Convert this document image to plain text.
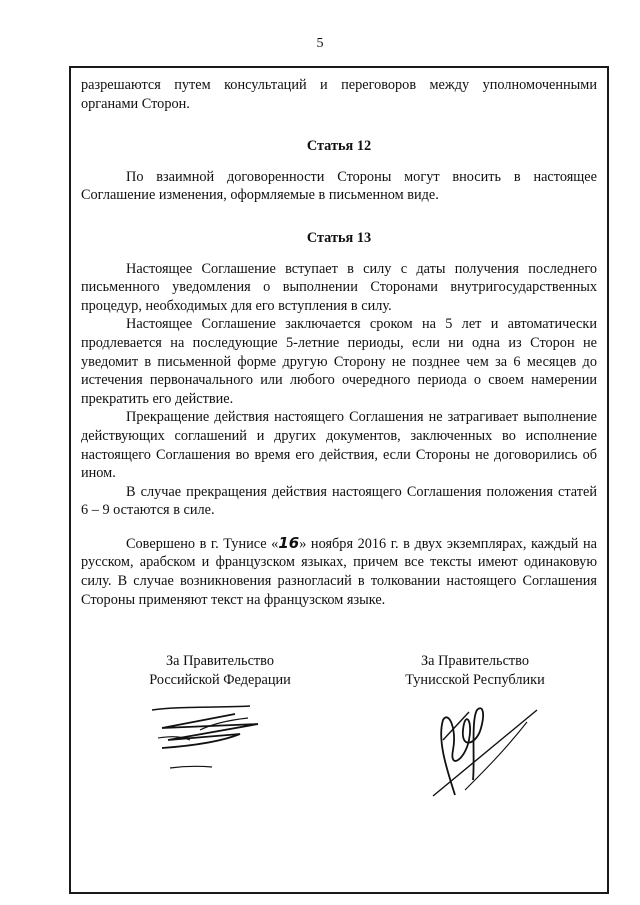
5

разрешаются путем консультаций и переговоров между уполномоченными органами Сторон.

Статья 12

По взаимной договоренности Стороны могут вносить в настоящее Соглашение изменения, оформляемые в письменном виде.

Статья 13

Настоящее Соглашение вступает в силу с даты получения последнего письменного уведомления о выполнении Сторонами внутригосударственных процедур, необходимых для его вступления в силу.

Настоящее Соглашение заключается сроком на 5 лет и автоматически продлевается на последующие 5-летние периоды, если ни одна из Сторон не уведомит в письменной форме другую Сторону не позднее чем за 6 месяцев до истечения первоначального или любого очередного периода о своем намерении прекратить его действие.

Прекращение действия настоящего Соглашения не затрагивает выполнение действующих соглашений и других документов, заключенных во исполнение настоящего Соглашения во время его действия, если Стороны не договорились об ином.

В случае прекращения действия настоящего Соглашения положения статей 6 – 9 остаются в силе.

Совершено в г. Тунисе «16» ноября 2016 г. в двух экземплярах, каждый на русском, арабском и французском языках, причем все тексты имеют одинаковую силу. В случае возникновения разногласий в толковании настоящего Соглашения Стороны применяют текст на французском языке.

За Правительство
Российской Федерации
За Правительство
Тунисской Республики
